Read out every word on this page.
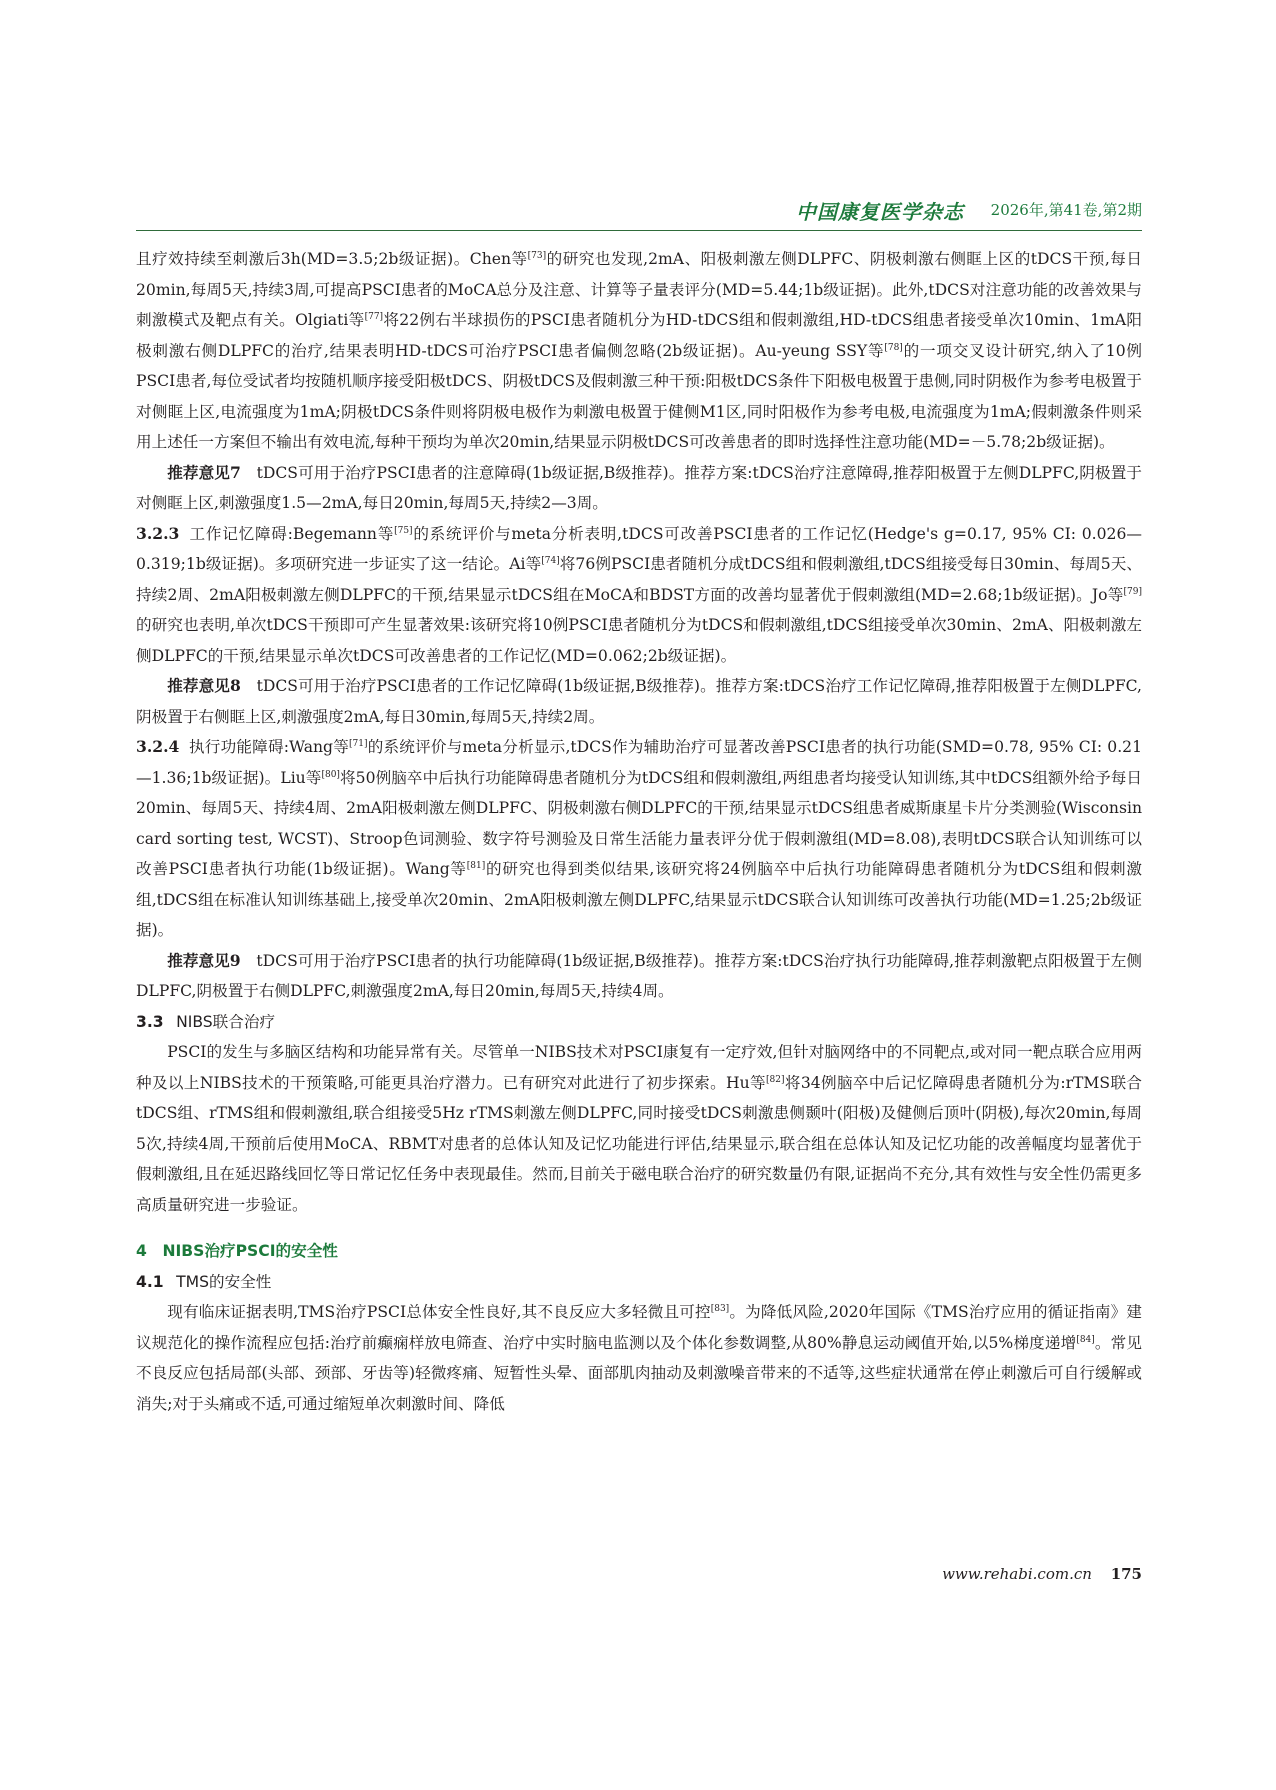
中国康复医学杂志 2026年,第41卷,第2期

且疗效持续至刺激后3h(MD=3.5;2b级证据)。Chen等[73]的研究也发现,2mA、阳极刺激左侧DLPFC、阴极刺激右侧眶上区的tDCS干预,每日20min,每周5天,持续3周,可提高PSCI患者的MoCA总分及注意、计算等子量表评分(MD=5.44;1b级证据)。此外,tDCS对注意功能的改善效果与刺激模式及靶点有关。Olgiati等[77]将22例右半球损伤的PSCI患者随机分为HD-tDCS组和假刺激组,HD-tDCS组患者接受单次10min、1mA阳极刺激右侧DLPFC的治疗,结果表明HD-tDCS可治疗PSCI患者偏侧忽略(2b级证据)。Au-yeung SSY等[78]的一项交叉设计研究,纳入了10例PSCI患者,每位受试者均按随机顺序接受阳极tDCS、阴极tDCS及假刺激三种干预:阳极tDCS条件下阳极电极置于患侧,同时阴极作为参考电极置于对侧眶上区,电流强度为1mA;阴极tDCS条件则将阴极电极作为刺激电极置于健侧M1区,同时阳极作为参考电极,电流强度为1mA;假刺激条件则采用上述任一方案但不输出有效电流,每种干预均为单次20min,结果显示阴极tDCS可改善患者的即时选择性注意功能(MD=－5.78;2b级证据)。

推荐意见7　 tDCS可用于治疗PSCI患者的注意障碍(1b级证据,B级推荐)。推荐方案:tDCS治疗注意障碍,推荐阳极置于左侧DLPFC,阴极置于对侧眶上区,刺激强度1.5—2mA,每日20min,每周5天,持续2—3周。

3.2.3 工作记忆障碍:Begemann等[75]的系统评价与meta分析表明,tDCS可改善PSCI患者的工作记忆(Hedge's g=0.17, 95% CI: 0.026—0.319;1b级证据)。多项研究进一步证实了这一结论。Ai等[74]将76例PSCI患者随机分成tDCS组和假刺激组,tDCS组接受每日30min、每周5天、持续2周、2mA阳极刺激左侧DLPFC的干预,结果显示tDCS组在MoCA和BDST方面的改善均显著优于假刺激组(MD=2.68;1b级证据)。Jo等[79]的研究也表明,单次tDCS干预即可产生显著效果:该研究将10例PSCI患者随机分为tDCS和假刺激组,tDCS组接受单次30min、2mA、阳极刺激左侧DLPFC的干预,结果显示单次tDCS可改善患者的工作记忆(MD=0.062;2b级证据)。

推荐意见8　 tDCS可用于治疗PSCI患者的工作记忆障碍(1b级证据,B级推荐)。推荐方案:tDCS治疗工作记忆障碍,推荐阳极置于左侧DLPFC,阴极置于右侧眶上区,刺激强度2mA,每日30min,每周5天,持续2周。

3.2.4 执行功能障碍:Wang等[71]的系统评价与meta分析显示,tDCS作为辅助治疗可显著改善PSCI患者的执行功能(SMD=0.78, 95% CI: 0.21—1.36;1b级证据)。Liu等[80]将50例脑卒中后执行功能障碍患者随机分为tDCS组和假刺激组,两组患者均接受认知训练,其中tDCS组额外给予每日20min、每周5天、持续4周、2mA阳极刺激左侧DLPFC、阴极刺激右侧DLPFC的干预,结果显示tDCS组患者威斯康星卡片分类测验(Wisconsin card sorting test, WCST)、Stroop色词测验、数字符号测验及日常生活能力量表评分优于假刺激组(MD=8.08),表明tDCS联合认知训练可以改善PSCI患者执行功能(1b级证据)。Wang等[81]的研究也得到类似结果,该研究将24例脑卒中后执行功能障碍患者随机分为tDCS组和假刺激组,tDCS组在标准认知训练基础上,接受单次20min、2mA阳极刺激左侧DLPFC,结果显示tDCS联合认知训练可改善执行功能(MD=1.25;2b级证据)。

推荐意见9　 tDCS可用于治疗PSCI患者的执行功能障碍(1b级证据,B级推荐)。推荐方案:tDCS治疗执行功能障碍,推荐刺激靶点阳极置于左侧DLPFC,阴极置于右侧DLPFC,刺激强度2mA,每日20min,每周5天,持续4周。

3.3 NIBS联合治疗

PSCI的发生与多脑区结构和功能异常有关。尽管单一NIBS技术对PSCI康复有一定疗效,但针对脑网络中的不同靶点,或对同一靶点联合应用两种及以上NIBS技术的干预策略,可能更具治疗潜力。已有研究对此进行了初步探索。Hu等[82]将34例脑卒中后记忆障碍患者随机分为:rTMS联合tDCS组、rTMS组和假刺激组,联合组接受5Hz rTMS刺激左侧DLPFC,同时接受tDCS刺激患侧颞叶(阳极)及健侧后顶叶(阴极),每次20min,每周5次,持续4周,干预前后使用MoCA、RBMT对患者的总体认知及记忆功能进行评估,结果显示,联合组在总体认知及记忆功能的改善幅度均显著优于假刺激组,且在延迟路线回忆等日常记忆任务中表现最佳。然而,目前关于磁电联合治疗的研究数量仍有限,证据尚不充分,其有效性与安全性仍需更多高质量研究进一步验证。

4　NIBS治疗PSCI的安全性

4.1 TMS的安全性

现有临床证据表明,TMS治疗PSCI总体安全性良好,其不良反应大多轻微且可控[83]。为降低风险,2020年国际《TMS治疗应用的循证指南》建议规范化的操作流程应包括:治疗前癫痫样放电筛查、治疗中实时脑电监测以及个体化参数调整,从80%静息运动阈值开始,以5%梯度递增[84]。常见不良反应包括局部(头部、颈部、牙齿等)轻微疼痛、短暂性头晕、面部肌肉抽动及刺激噪音带来的不适等,这些症状通常在停止刺激后可自行缓解或消失;对于头痛或不适,可通过缩短单次刺激时间、降低

www.rehabi.com.cn 175
